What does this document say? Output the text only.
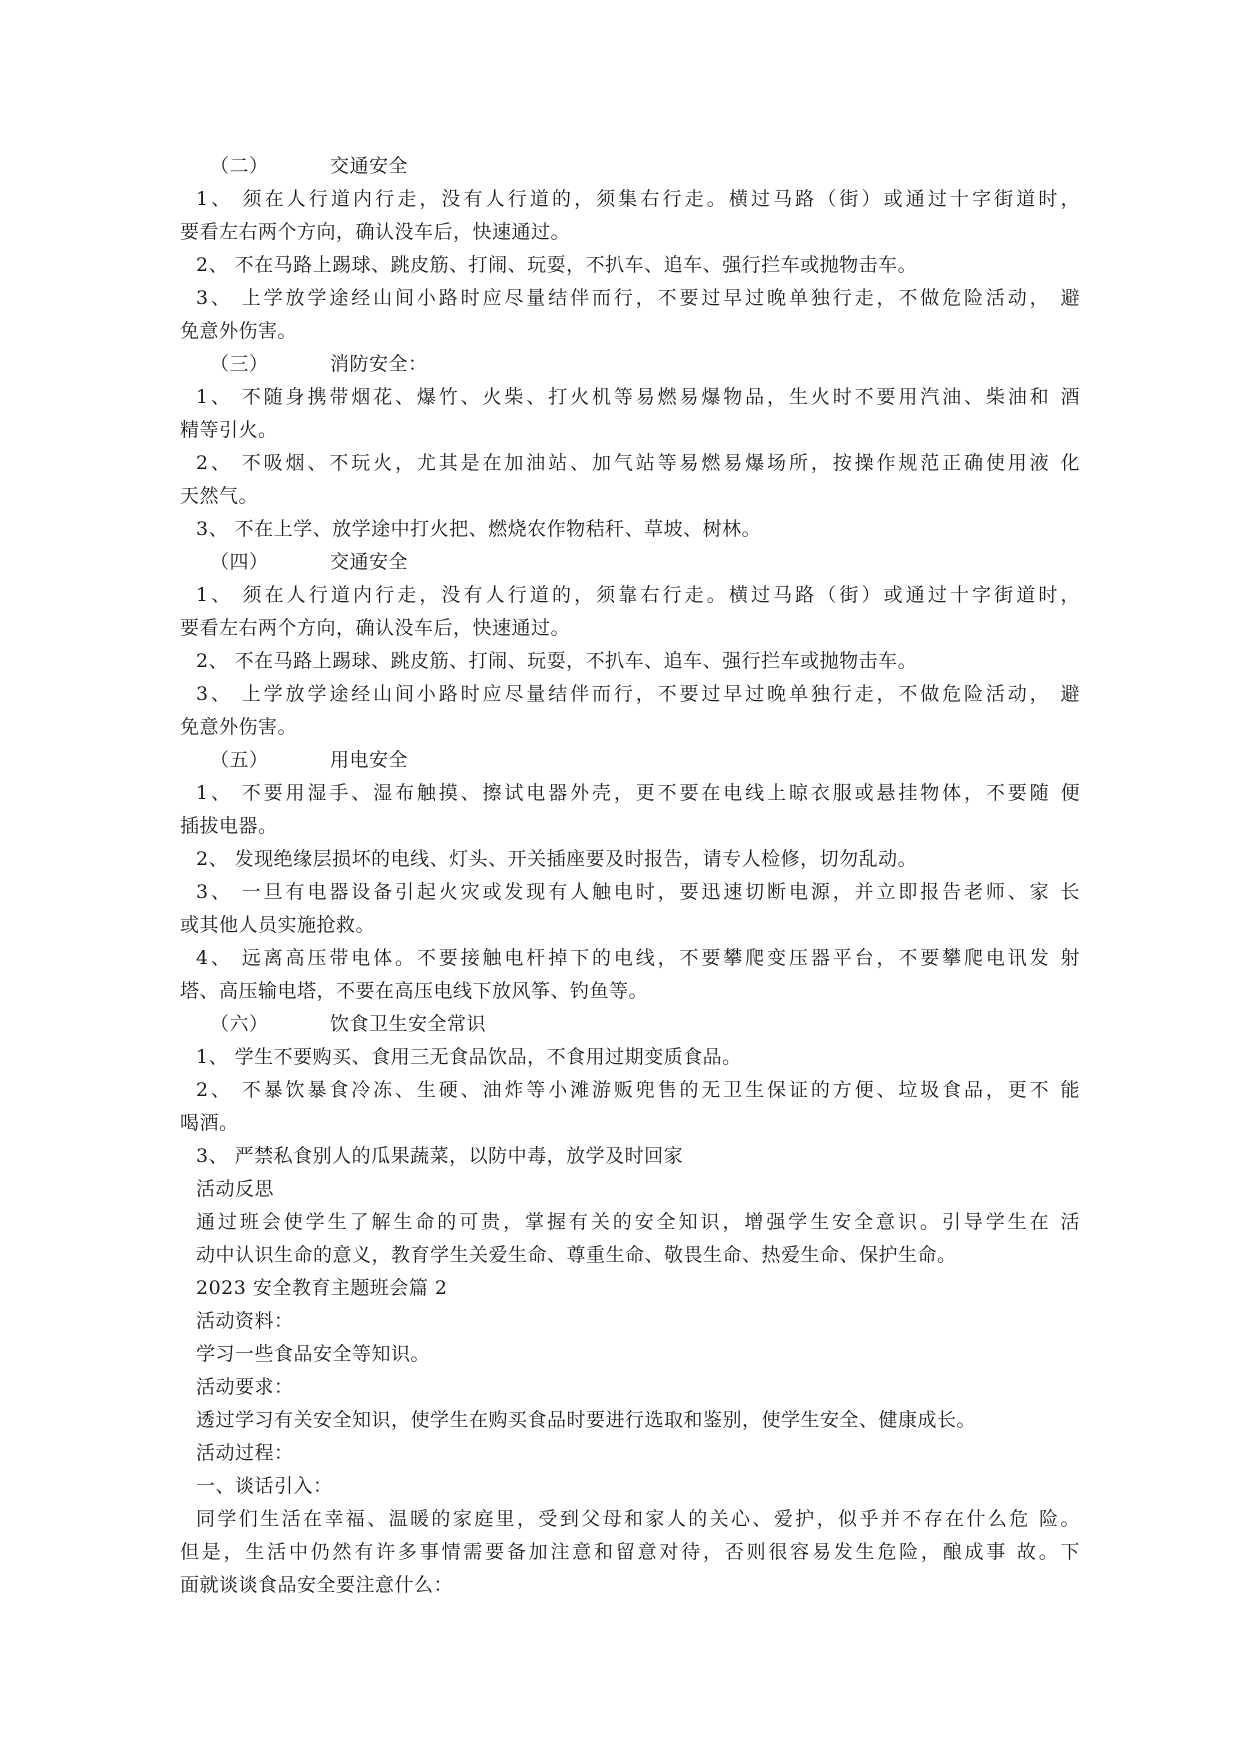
（二）	交通安全
1、 须在人行道内行走，没有人行道的，须集右行走。横过马路（街）或通过十字街道时，
要看左右两个方向，确认没车后，快速通过。
2、 不在马路上踢球、跳皮筋、打闹、玩耍，不扒车、追车、强行拦车或抛物击车。
3、 上学放学途经山间小路时应尽量结伴而行，不要过早过晚单独行走，不做危险活动， 避
免意外伤害。
（三）	消防安全：
1、 不随身携带烟花、爆竹、火柴、打火机等易燃易爆物品，生火时不要用汽油、柴油和 酒
精等引火。
2、 不吸烟、不玩火，尤其是在加油站、加气站等易燃易爆场所，按操作规范正确使用液 化
天然气。
3、 不在上学、放学途中打火把、燃烧农作物秸秆、草坡、树林。
（四）	交通安全
1、 须在人行道内行走，没有人行道的，须靠右行走。横过马路（街）或通过十字街道时，
要看左右两个方向，确认没车后，快速通过。
2、 不在马路上踢球、跳皮筋、打闹、玩耍，不扒车、追车、强行拦车或抛物击车。
3、 上学放学途经山间小路时应尽量结伴而行，不要过早过晚单独行走，不做危险活动， 避
免意外伤害。
（五）	用电安全
1、 不要用湿手、湿布触摸、擦试电器外壳，更不要在电线上晾衣服或悬挂物体，不要随 便
插拔电器。
2、 发现绝缘层损坏的电线、灯头、开关插座要及时报告，请专人检修，切勿乱动。
3、 一旦有电器设备引起火灾或发现有人触电时，要迅速切断电源，并立即报告老师、家 长
或其他人员实施抢救。
4、 远离高压带电体。不要接触电杆掉下的电线，不要攀爬变压器平台，不要攀爬电讯发 射
塔、高压输电塔，不要在高压电线下放风筝、钓鱼等。
（六）	饮食卫生安全常识
1、 学生不要购买、食用三无食品饮品，不食用过期变质食品。
2、 不暴饮暴食冷冻、生硬、油炸等小滩游贩兜售的无卫生保证的方便、垃圾食品，更不 能
喝酒。
3、 严禁私食别人的瓜果蔬菜，以防中毒，放学及时回家
活动反思
通过班会使学生了解生命的可贵，掌握有关的安全知识，增强学生安全意识。引导学生在 活
动中认识生命的意义，教育学生关爱生命、尊重生命、敬畏生命、热爱生命、保护生命。
2023 安全教育主题班会篇 2
活动资料：
学习一些食品安全等知识。
活动要求：
透过学习有关安全知识，使学生在购买食品时要进行选取和鉴别，使学生安全、健康成长。
活动过程：
一、谈话引入：
同学们生活在幸福、温暖的家庭里，受到父母和家人的关心、爱护，似乎并不存在什么危 险。
但是，生活中仍然有许多事情需要备加注意和留意对待，否则很容易发生危险，酿成事 故。下
面就谈谈食品安全要注意什么：
